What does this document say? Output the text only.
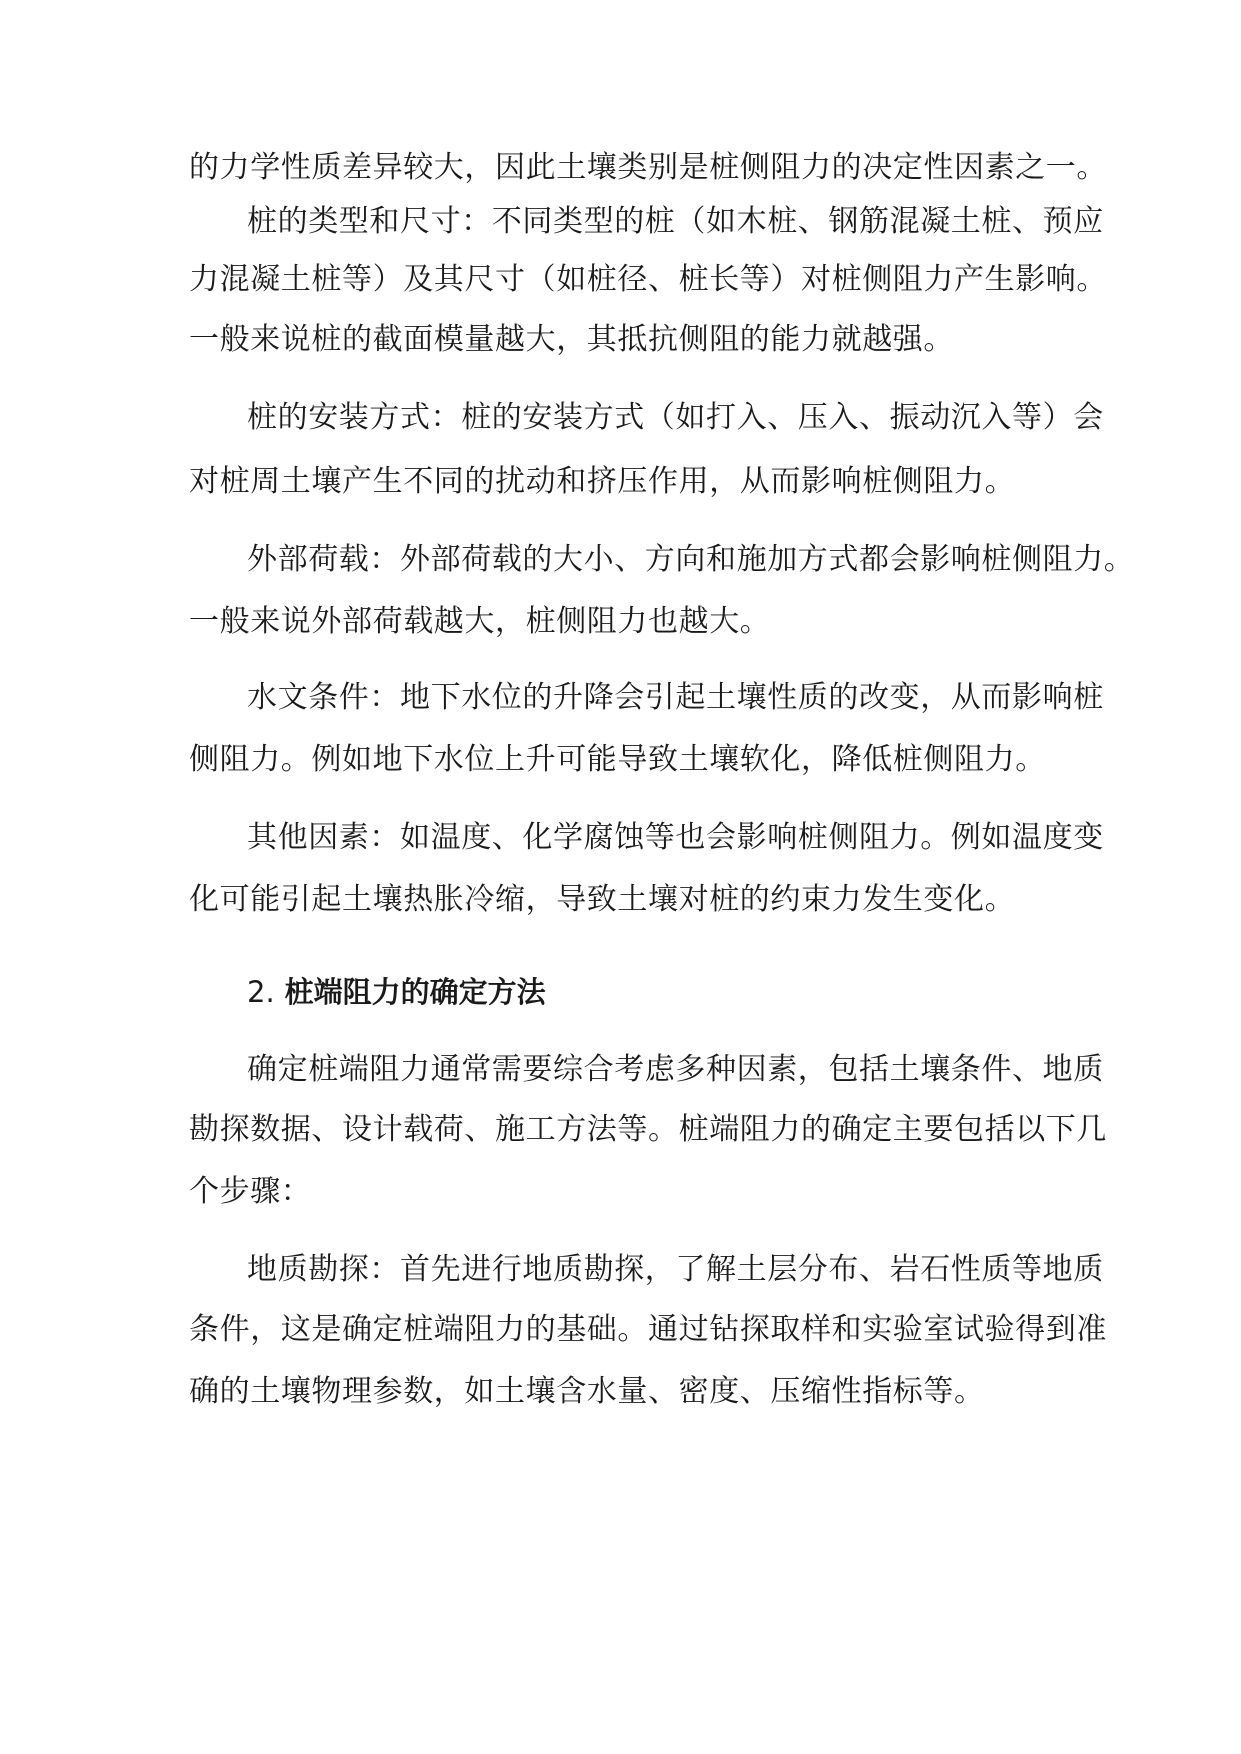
的力学性质差异较大，因此土壤类别是桩侧阻力的决定性因素之一。
桩的类型和尺寸：不同类型的桩（如木桩、钢筋混凝土桩、预应
力混凝土桩等）及其尺寸（如桩径、桩长等）对桩侧阻力产生影响。
一般来说桩的截面模量越大，其抵抗侧阻的能力就越强。
桩的安装方式：桩的安装方式（如打入、压入、振动沉入等）会
对桩周土壤产生不同的扰动和挤压作用，从而影响桩侧阻力。
外部荷载：外部荷载的大小、方向和施加方式都会影响桩侧阻力。
一般来说外部荷载越大，桩侧阻力也越大。
水文条件：地下水位的升降会引起土壤性质的改变，从而影响桩
侧阻力。例如地下水位上升可能导致土壤软化，降低桩侧阻力。
其他因素：如温度、化学腐蚀等也会影响桩侧阻力。例如温度变
化可能引起土壤热胀冷缩，导致土壤对桩的约束力发生变化。
2. 桩端阻力的确定方法
确定桩端阻力通常需要综合考虑多种因素，包括土壤条件、地质
勘探数据、设计载荷、施工方法等。桩端阻力的确定主要包括以下几
个步骤：
地质勘探：首先进行地质勘探，了解土层分布、岩石性质等地质
条件，这是确定桩端阻力的基础。通过钻探取样和实验室试验得到准
确的土壤物理参数，如土壤含水量、密度、压缩性指标等。
